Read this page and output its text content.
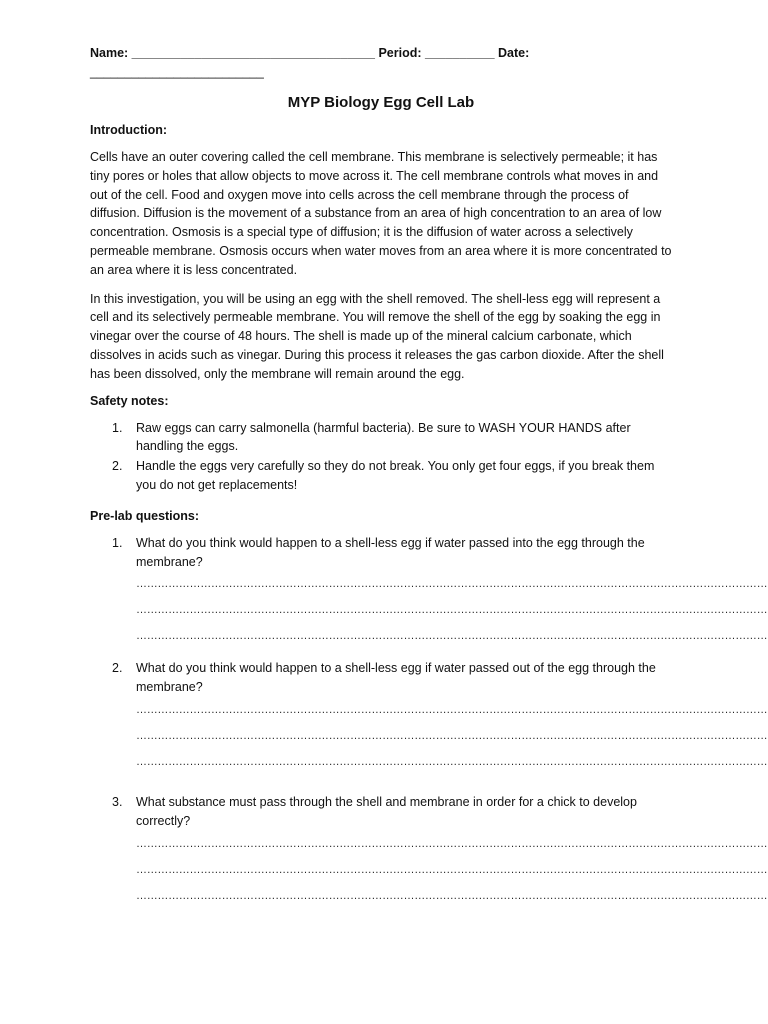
Name: ___________________________________ Period: __________ Date:
_________________________
MYP Biology Egg Cell Lab
Introduction:

Cells have an outer covering called the cell membrane. This membrane is selectively permeable; it has tiny pores or holes that allow objects to move across it. The cell membrane controls what moves in and out of the cell. Food and oxygen move into cells across the cell membrane through the process of diffusion. Diffusion is the movement of a substance from an area of high concentration to an area of low concentration. Osmosis is a special type of diffusion; it is the diffusion of water across a selectively permeable membrane. Osmosis occurs when water moves from an area where it is more concentrated to an area where it is less concentrated.

In this investigation, you will be using an egg with the shell removed. The shell-less egg will represent a cell and its selectively permeable membrane. You will remove the shell of the egg by soaking the egg in vinegar over the course of 48 hours. The shell is made up of the mineral calcium carbonate, which dissolves in acids such as vinegar. During this process it releases the gas carbon dioxide. After the shell has been dissolved, only the membrane will remain around the egg.

Safety notes:
1. Raw eggs can carry salmonella (harmful bacteria). Be sure to WASH YOUR HANDS after handling the eggs.
2. Handle the eggs very carefully so they do not break. You only get four eggs, if you break them you do not get replacements!
Pre-lab questions:
1. What do you think would happen to a shell-less egg if water passed into the egg through the membrane?
……………………………………………………………………………………………………………………………………………………………
……………………………………………………………………………………………………………………………………………………………
……………………………………………………………………………………………………………………………………………………………
2. What do you think would happen to a shell-less egg if water passed out of the egg through the membrane?
……………………………………………………………………………………………………………………………………………………………
……………………………………………………………………………………………………………………………………………………………
……………………………………………………………………………………………………………………………………………………………
3. What substance must pass through the shell and membrane in order for a chick to develop correctly?
……………………………………………………………………………………………………………………………………………………………
……………………………………………………………………………………………………………………………………………………………
……………………………………………………………………………………………………………………………………………………………
